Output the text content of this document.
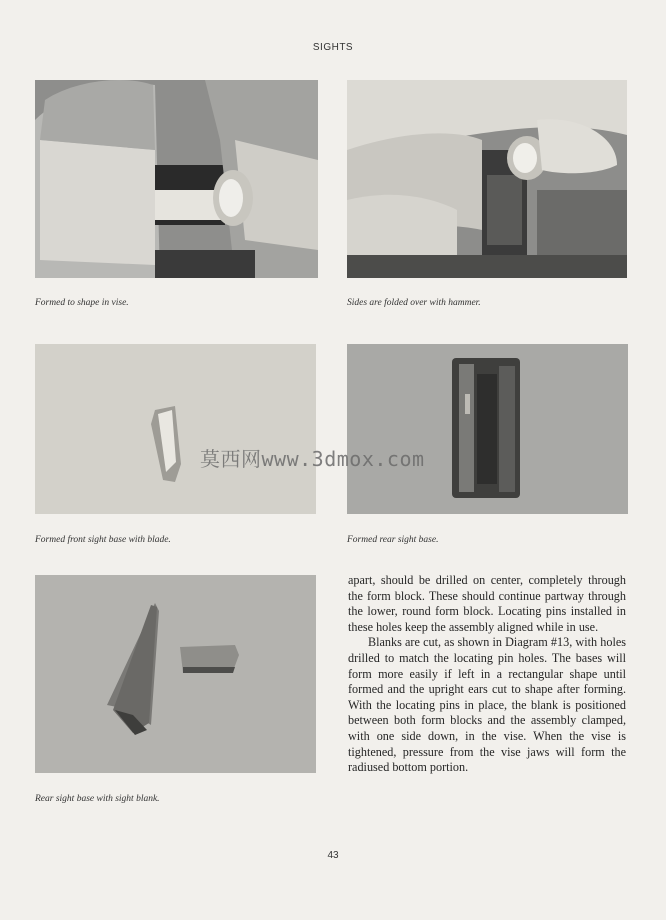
SIGHTS
Formed to shape in vise.	Sides are folded over with hammer.
Formed front sight base with blade.	Formed rear sight base.
Rear sight base with sight blank.

apart, should be drilled on center, completely through the form block. These should continue partway through the lower, round form block. Locating pins installed in these holes keep the assembly aligned while in use.

Blanks are cut, as shown in Diagram #13, with holes drilled to match the locating pin holes. The bases will form more easily if left in a rectangular shape until formed and the upright ears cut to shape after forming. With the locating pins in place, the blank is positioned between both form blocks and the assembly clamped, with one side down, in the vise. When the vise is tightened, pressure from the vise jaws will form the radiused bottom portion.

莫西网www.3dmox.com
43
